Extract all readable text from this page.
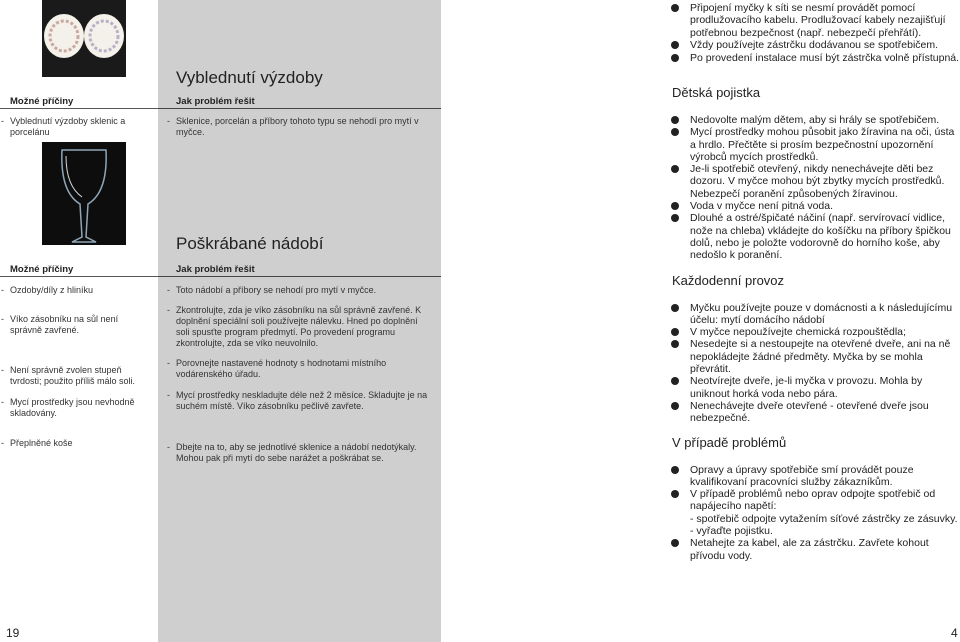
Vyblednutí výzdoby
Možné příčiny	Jak problém řešit
- Vyblednutí výzdoby sklenic a porcelánu
- Sklenice, porcelán a příbory tohoto typu se nehodí pro mytí v myčce.
Poškrábané nádobí
Možné příčiny	Jak problém řešit
- Ozdoby/díly z hliníku
- Víko zásobníku na sůl není správně zavřené.
- Není správně zvolen stupeň tvrdosti; použito příliš málo soli.
- Mycí prostředky jsou nevhodně skladovány.
- Přeplněné koše
- Toto nádobí a příbory se nehodí pro mytí v myčce.
- Zkontrolujte, zda je víko zásobníku na sůl správně zavřené. K doplnění speciální soli používejte nálevku. Hned po doplnění soli spusťte program předmytí. Po provedení programu zkontrolujte, zda se víko neuvolnilo.
- Porovnejte nastavené hodnoty s hodnotami místního vodárenského úřadu.
- Mycí prostředky neskladujte déle než 2 měsíce. Skladujte je na suchém místě. Víko zásobníku pečlivě zavřete.
- Dbejte na to, aby se jednotlivé sklenice a nádobí nedotýkaly. Mohou pak při mytí do sebe narážet a poškrábat se.
19
Připojení myčky k síti se nesmí provádět pomocí prodlužovacího kabelu. Prodlužovací kabely nezajišťují potřebnou bezpečnost (např. nebezpečí přehřátí).
Vždy používejte zástrčku dodávanou se spotřebičem.
Po provedení instalace musí být zástrčka volně přístupná.
Dětská pojistka
Nedovolte malým dětem, aby si hrály se spotřebičem.
Mycí prostředky mohou působit jako žíravina na oči, ústa a hrdlo. Přečtěte si prosím bezpečnostní upozornění výrobců mycích prostředků.
Je-li spotřebič otevřený, nikdy nenechávejte děti bez dozoru. V myčce mohou být zbytky mycích prostředků. Nebezpečí poranění způsobených žíravinou.
Voda v myčce není pitná voda.
Dlouhé a ostré/špičaté náčiní (např. servírovací vidlice, nože na chleba) vkládejte do košíčku na příbory špičkou dolů, nebo je položte vodorovně do horního koše, aby nedošlo k poranění.
Každodenní provoz
Myčku používejte pouze v domácnosti a k následujícímu účelu: mytí domácího nádobí
V myčce nepoužívejte chemická rozpouštědla;
Nesedejte si a nestoupejte na otevřené dveře, ani na ně nepokládejte žádné předměty. Myčka by se mohla převrátit.
Neotvírejte dveře, je-li myčka v provozu. Mohla by uniknout horká voda nebo pára.
Nenechávejte dveře otevřené - otevřené dveře jsou nebezpečné.
V případě problémů
Opravy a úpravy spotřebiče smí provádět pouze kvalifikovaní pracovníci služby zákazníkům.
V případě problémů nebo oprav odpojte spotřebič od napájecího napětí:
- spotřebič odpojte vytažením síťové zástrčky ze zásuvky.
- vyřaďte pojistku.
Netahejte za kabel, ale za zástrčku. Zavřete kohout přívodu vody.
4
